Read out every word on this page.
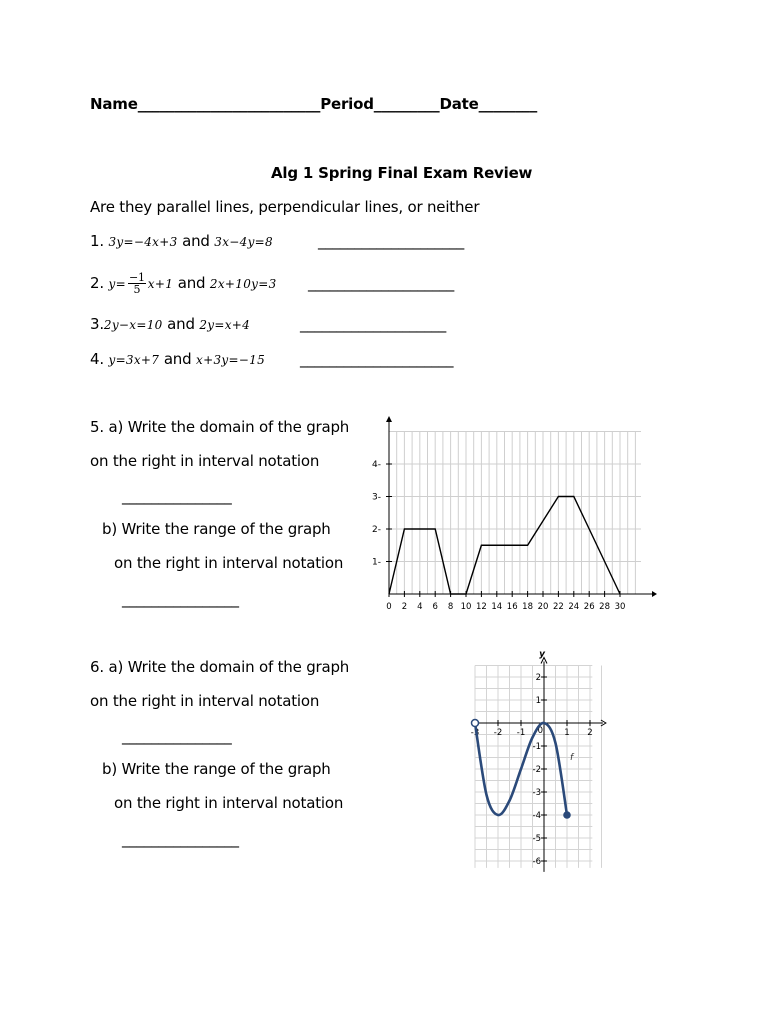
Name_________________________Period_________Date________
Alg 1 Spring Final Exam Review
Are they parallel lines, perpendicular lines, or neither
1. 3y=−4x+3 and 3x−4y=8	____________________
2. $y= \frac{-1}{5} x+1$ and 2x+10y=3 ____________________
3.2y−x=10 and 2y=x+4	____________________
4. y=3x+7 and x+3y=−15 _____________________
5. a) Write the domain of the graph
on the right in interval notation
_______________
b) Write the range of the graph
on the right in interval notation
________________
6. a) Write the domain of the graph
on the right in interval notation
_______________
b) Write the range of the graph
on the right in interval notation
________________
0 2 4 6 8 10 12 14 16 18 20 22 24 26 28 30
1-
2-
3-
4-
y
-3 -2 -1	1 2
0
2
1
-1
-2
-3
-4
-5
-6
f
